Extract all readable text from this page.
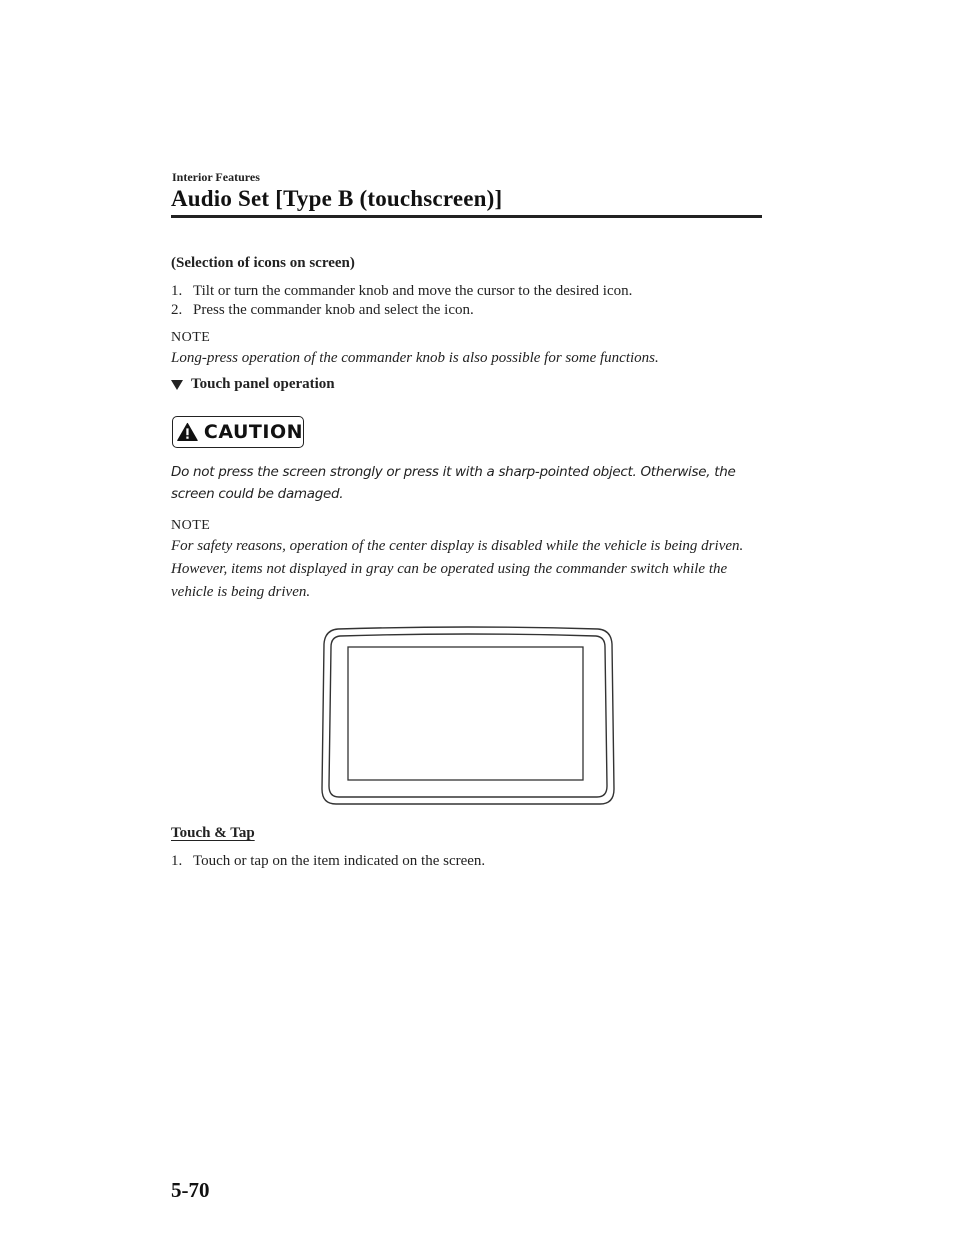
Interior Features
Audio Set [Type B (touchscreen)]
(Selection of icons on screen)
1. Tilt or turn the commander knob and move the cursor to the desired icon.
2. Press the commander knob and select the icon.
NOTE
Long-press operation of the commander knob is also possible for some functions.
Touch panel operation
CAUTION
Do not press the screen strongly or press it with a sharp-pointed object. Otherwise, the screen could be damaged.
NOTE
For safety reasons, operation of the center display is disabled while the vehicle is being driven. However, items not displayed in gray can be operated using the commander switch while the vehicle is being driven.
Touch & Tap
1. Touch or tap on the item indicated on the screen.
5-70
